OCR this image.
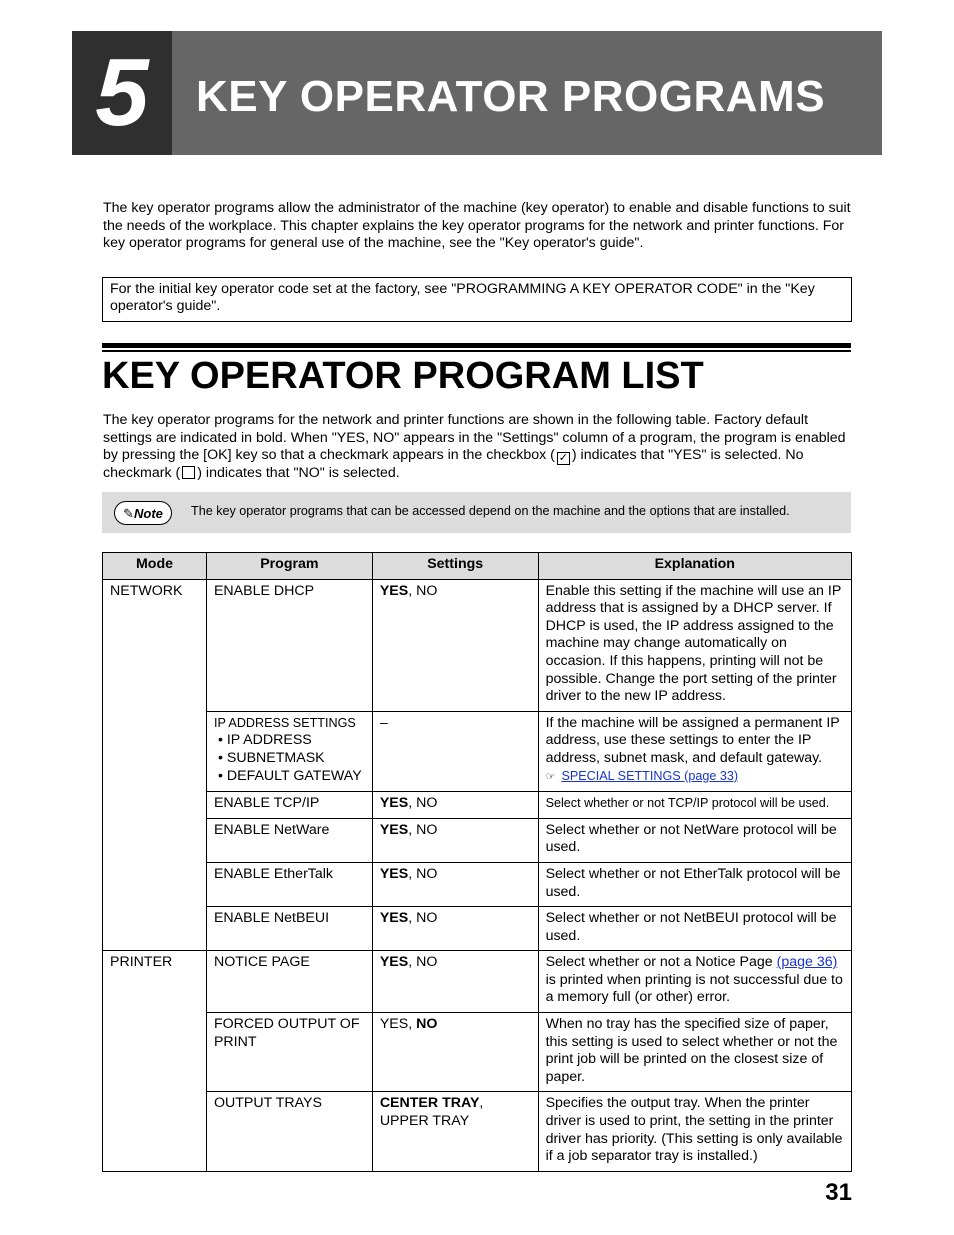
5	KEY OPERATOR PROGRAMS

The key operator programs allow the administrator of the machine (key operator) to enable and disable functions to suit the needs of the workplace. This chapter explains the key operator programs for the network and printer functions. For key operator programs for general use of the machine, see the "Key operator's guide".

For the initial key operator code set at the factory, see "PROGRAMMING A KEY OPERATOR CODE" in the "Key operator's guide".
KEY OPERATOR PROGRAM LIST

The key operator programs for the network and printer functions are shown in the following table. Factory default settings are indicated in bold. When "YES, NO" appears in the "Settings" column of a program, the program is enabled by pressing the [OK] key so that a checkmark appears in the checkbox ( ✓ ) indicates that "YES" is selected. No checkmark ( ) indicates that "NO" is selected.

✎Note	The key operator programs that can be accessed depend on the machine and the options that are installed.
Mode	Program	Settings	Explanation
NETWORK	ENABLE DHCP	YES, NO	Enable this setting if the machine will use an IP address that is assigned by a DHCP server. If DHCP is used, the IP address assigned to the machine may change automatically on occasion. If this happens, printing will not be possible. Change the port setting of the printer driver to the new IP address.
	IP ADDRESS SETTINGS
• IP ADDRESS
• SUBNETMASK
• DEFAULT GATEWAY	–	If the machine will be assigned a permanent IP address, use these settings to enter the IP address, subnet mask, and default gateway.
☞ SPECIAL SETTINGS (page 33)
	ENABLE TCP/IP	YES, NO	Select whether or not TCP/IP protocol will be used.
	ENABLE NetWare	YES, NO	Select whether or not NetWare protocol will be used.
	ENABLE EtherTalk	YES, NO	Select whether or not EtherTalk protocol will be used.
	ENABLE NetBEUI	YES, NO	Select whether or not NetBEUI protocol will be used.
PRINTER	NOTICE PAGE	YES, NO	Select whether or not a Notice Page (page 36) is printed when printing is not successful due to a memory full (or other) error.
	FORCED OUTPUT OF PRINT	YES, NO	When no tray has the specified size of paper, this setting is used to select whether or not the print job will be printed on the closest size of paper.
	OUTPUT TRAYS	CENTER TRAY,
UPPER TRAY	Specifies the output tray. When the printer driver is used to print, the setting in the printer driver has priority. (This setting is only available if a job separator tray is installed.)
31
